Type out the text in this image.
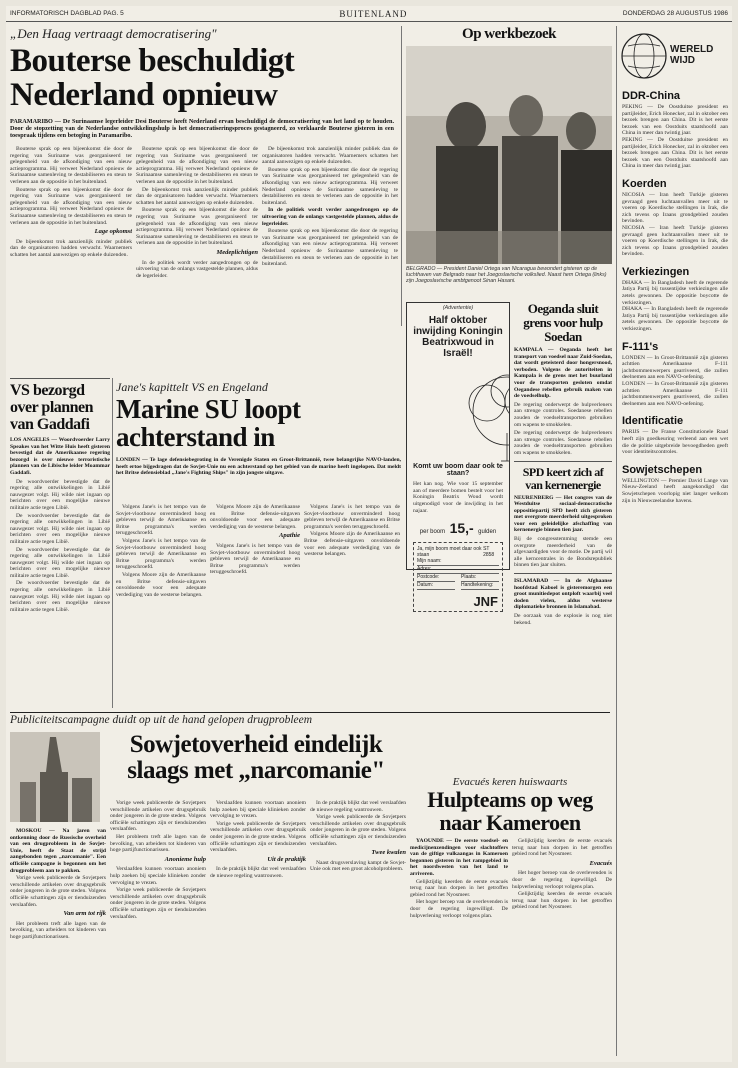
INFORMATORISCH DAGBLAD PAG. 5	BUITENLAND	DONDERDAG 28 AUGUSTUS 1986
„Den Haag vertraagt democratisering"
Bouterse beschuldigt Nederland opnieuw
PARAMARIBO — De Surinaamse legerleider Desi Bouterse heeft Nederland ervan beschuldigd de democratisering van het land op te houden. Door de stopzetting van de Nederlandse ontwikkelingshulp is het democratiseringsproces gestagneerd, zo verklaarde Bouterse gisteren in een toespraak tijdens een betoging in Paramaribo.

Bouterse sprak op een bijeenkomst die door de regering van Suriname was georganiseerd ter gelegenheid van de afkondiging van een nieuw actieprogramma. Hij verweet Nederland opnieuw de Surinaamse samenleving te destabiliseren en steun te verlenen aan de oppositie in het buitenland.

Bouterse sprak op een bijeenkomst die door de regering van Suriname was georganiseerd ter gelegenheid van de afkondiging van een nieuw actieprogramma. Hij verweet Nederland opnieuw de Surinaamse samenleving te destabiliseren en steun te verlenen aan de oppositie in het buitenland.

Lage opkomst

De bijeenkomst trok aanzienlijk minder publiek dan de organisatoren hadden verwacht. Waarnemers schatten het aantal aanwezigen op enkele duizenden.

Bouterse sprak op een bijeenkomst die door de regering van Suriname was georganiseerd ter gelegenheid van de afkondiging van een nieuw actieprogramma. Hij verweet Nederland opnieuw de Surinaamse samenleving te destabiliseren en steun te verlenen aan de oppositie in het buitenland.

De bijeenkomst trok aanzienlijk minder publiek dan de organisatoren hadden verwacht. Waarnemers schatten het aantal aanwezigen op enkele duizenden.

Bouterse sprak op een bijeenkomst die door de regering van Suriname was georganiseerd ter gelegenheid van de afkondiging van een nieuw actieprogramma. Hij verweet Nederland opnieuw de Surinaamse samenleving te destabiliseren en steun te verlenen aan de oppositie in het buitenland.

Medeplichtigen

In de politiek wordt verder aangedrongen op de uitvoering van de onlangs vastgestelde plannen, aldus de legerleider.

De bijeenkomst trok aanzienlijk minder publiek dan de organisatoren hadden verwacht. Waarnemers schatten het aantal aanwezigen op enkele duizenden.

Bouterse sprak op een bijeenkomst die door de regering van Suriname was georganiseerd ter gelegenheid van de afkondiging van een nieuw actieprogramma. Hij verweet Nederland opnieuw de Surinaamse samenleving te destabiliseren en steun te verlenen aan de oppositie in het buitenland.

In de politiek wordt verder aangedrongen op de uitvoering van de onlangs vastgestelde plannen, aldus de legerleider.

Bouterse sprak op een bijeenkomst die door de regering van Suriname was georganiseerd ter gelegenheid van de afkondiging van een nieuw actieprogramma. Hij verweet Nederland opnieuw de Surinaamse samenleving te destabiliseren en steun te verlenen aan de oppositie in het buitenland.

Op werkbezoek
BELGRADO — President Daniel Ortega van Nicaragua bewondert gisteren op de luchthaven van Belgrado naar het Joegoslavische volkslied. Naast hem Ortega (links) zijn Joegoslavische ambtgenoot Sinan Hasani.
(Advertentie)
Half oktober inwijding Koningin Beatrixwoud in Israël!
Komt uw boom daar ook te staan?
Het kan nog. Wie voor 15 september aan of meerdere bomen bestelt voor het Koningin Beatrix Woud wordt uitgenodigd voor de inwijding in het najaar.
per boom 15,- gulden
Ja, mijn boom moet daar ook staan
ST 2858
Mijn naam:
Adres:
Postcode:	Plaats:
Datum:	Handtekening:
JNF
VS bezorgd over plannen van Gaddafi
LOS ANGELES — Woordvoerder Larry Speakes van het Witte Huis heeft gisteren bevestigd dat de Amerikaanse regering bezorgd is over nieuwe terroristische plannen van de Libische leider Moammar Gaddafi.

De woordvoerder bevestigde dat de regering alle ontwikkelingen in Libië nauwgezet volgt. Hij wilde niet ingaan op berichten over een mogelijke nieuwe militaire actie tegen Libië.

De woordvoerder bevestigde dat de regering alle ontwikkelingen in Libië nauwgezet volgt. Hij wilde niet ingaan op berichten over een mogelijke nieuwe militaire actie tegen Libië.

De woordvoerder bevestigde dat de regering alle ontwikkelingen in Libië nauwgezet volgt. Hij wilde niet ingaan op berichten over een mogelijke nieuwe militaire actie tegen Libië.

De woordvoerder bevestigde dat de regering alle ontwikkelingen in Libië nauwgezet volgt. Hij wilde niet ingaan op berichten over een mogelijke nieuwe militaire actie tegen Libië.

Jane's kapittelt VS en Engeland
Marine SU loopt achterstand in
LONDEN — Te lage defensiebegroting in de Verenigde Staten en Groot-Brittannië, twee belangrijke NAVO-landen, heeft ertoe bijgedragen dat de Sovjet-Unie nu een achterstand op het gebied van de marine heeft ingelopen. Dat meldt het Britse defensieblad „Jane's Fighting Ships" in zijn jongste uitgave.

Volgens Jane's is het tempo van de Sovjet-vlootbouw onverminderd hoog gebleven terwijl de Amerikaanse en Britse programma's werden teruggeschroefd.

Volgens Jane's is het tempo van de Sovjet-vlootbouw onverminderd hoog gebleven terwijl de Amerikaanse en Britse programma's werden teruggeschroefd.

Volgens Moore zijn de Amerikaanse en Britse defensie-uitgaven onvoldoende voor een adequate verdediging van de westerse belangen.

Volgens Moore zijn de Amerikaanse en Britse defensie-uitgaven onvoldoende voor een adequate verdediging van de westerse belangen.

Apathie

Volgens Jane's is het tempo van de Sovjet-vlootbouw onverminderd hoog gebleven terwijl de Amerikaanse en Britse programma's werden teruggeschroefd.

Volgens Jane's is het tempo van de Sovjet-vlootbouw onverminderd hoog gebleven terwijl de Amerikaanse en Britse programma's werden teruggeschroefd.

Volgens Moore zijn de Amerikaanse en Britse defensie-uitgaven onvoldoende voor een adequate verdediging van de westerse belangen.

Publiciteitscampagne duidt op uit de hand gelopen drugprobleem
Sowjetoverheid eindelijk slaags met „narcomanie"

MOSKOU — Na jaren van ontkenning door de Russische overheid van een drugprobleem in de Sovjet-Unie, heeft de Staat de strijd aangebonden tegen „narcomanie". Een officiële campagne is begonnen om het drugprobleem aan te pakken.

Vorige week publiceerde de Sovjetpers verschillende artikelen over drugsgebruik onder jongeren in de grote steden. Volgens officiële schattingen zijn er tienduizenden verslaafden.

Van arm tot rijk

Het probleem treft alle lagen van de bevolking, van arbeiders tot kinderen van hoge partijfunctionarissen.

Vorige week publiceerde de Sovjetpers verschillende artikelen over drugsgebruik onder jongeren in de grote steden. Volgens officiële schattingen zijn er tienduizenden verslaafden.

Het probleem treft alle lagen van de bevolking, van arbeiders tot kinderen van hoge partijfunctionarissen.

Anonieme hulp

Verslaafden kunnen voortaan anoniem hulp zoeken bij speciale klinieken zonder vervolging te vrezen.

Vorige week publiceerde de Sovjetpers verschillende artikelen over drugsgebruik onder jongeren in de grote steden. Volgens officiële schattingen zijn er tienduizenden verslaafden.

Verslaafden kunnen voortaan anoniem hulp zoeken bij speciale klinieken zonder vervolging te vrezen.

Vorige week publiceerde de Sovjetpers verschillende artikelen over drugsgebruik onder jongeren in de grote steden. Volgens officiële schattingen zijn er tienduizenden verslaafden.

Uit de praktijk

In de praktijk blijkt dat veel verslaafden de nieuwe regeling wantrouwen.

In de praktijk blijkt dat veel verslaafden de nieuwe regeling wantrouwen.

Vorige week publiceerde de Sovjetpers verschillende artikelen over drugsgebruik onder jongeren in de grote steden. Volgens officiële schattingen zijn er tienduizenden verslaafden.

Twee kwalen

Naast drugsverslaving kampt de Sovjet-Unie ook met een groot alcoholprobleem.

Evacués keren huiswaarts
Hulpteams op weg naar Kameroen

YAOUNDÉ — De eerste voedsel- en medicijnenzendingen voor slachtoffers van de giftige vulkaangas in Kameroen begonnen gisteren in het rampgebied in het noordwesten van het land te arriveren.

Gelijktijdig keerden de eerste evacués terug naar hun dorpen in het getroffen gebied rond het Nyosmeer.

Het hoger beroep van de overlevenden is door de regering ingewilligd. De hulpverlening verloopt volgens plan.

Gelijktijdig keerden de eerste evacués terug naar hun dorpen in het getroffen gebied rond het Nyosmeer.

Evacués

Het hoger beroep van de overlevenden is door de regering ingewilligd. De hulpverlening verloopt volgens plan.

Gelijktijdig keerden de eerste evacués terug naar hun dorpen in het getroffen gebied rond het Nyosmeer.

WERELD WIJD
DDR-China
PEKING — De Oostduitse president en partijleider, Erich Honecker, zal in oktober een bezoek brengen aan China. Dit is het eerste bezoek van een Oostduits staatshoofd aan China in meer dan twintig jaar.
PEKING — De Oostduitse president en partijleider, Erich Honecker, zal in oktober een bezoek brengen aan China. Dit is het eerste bezoek van een Oostduits staatshoofd aan China in meer dan twintig jaar.
Koerden
NICOSIA — Iran heeft Turkije gisteren gevraagd geen luchtaanvallen meer uit te voeren op Koerdische stellingen in Irak, die zich tevens op Iraans grondgebied zouden bevinden.
NICOSIA — Iran heeft Turkije gisteren gevraagd geen luchtaanvallen meer uit te voeren op Koerdische stellingen in Irak, die zich tevens op Iraans grondgebied zouden bevinden.
Verkiezingen
DHAKA — In Bangladesh heeft de regerende Jatiya Partij bij tussentijdse verkiezingen alle zetels gewonnen. De oppositie boycotte de verkiezingen.
DHAKA — In Bangladesh heeft de regerende Jatiya Partij bij tussentijdse verkiezingen alle zetels gewonnen. De oppositie boycotte de verkiezingen.
F-111's
LONDEN — In Groot-Brittannië zijn gisteren achttien Amerikaanse F-111 jachtbommenwerpers gearriveerd, die zullen deelnemen aan een NAVO-oefening.
LONDEN — In Groot-Brittannië zijn gisteren achttien Amerikaanse F-111 jachtbommenwerpers gearriveerd, die zullen deelnemen aan een NAVO-oefening.
Identificatie
PARIJS — De Franse Constitutionele Raad heeft zijn goedkeuring verleend aan een wet die de politie uitgebreide bevoegdheden geeft voor identiteitscontroles.
Sowjetschepen
WELLINGTON — Premier David Lange van Nieuw-Zeeland heeft aangekondigd dat Sowjetschepen voorlopig niet langer welkom zijn in Nieuwzeelandse havens.
Oeganda sluit grens voor hulp Soedan
KAMPALA — Oeganda heeft het transport van voedsel naar Zuid-Soedan, dat wordt geteisterd door hongersnood, verboden. Volgens de autoriteiten in Kampala is de grens met het buurland voor de transporten gesloten omdat Oegandese rebellen gebruik maken van de voedselhulp.
De regering onderwerpt de hulpverleners aan strenge controles. Soedanese rebellen zouden de voedseltransporten gebruiken om wapens te smokkelen.
De regering onderwerpt de hulpverleners aan strenge controles. Soedanese rebellen zouden de voedseltransporten gebruiken om wapens te smokkelen.
SPD keert zich af van kernenergie
NEURENBERG — Het congres van de Westduitse sociaal-democratische oppositiepartij SPD heeft zich gisteren met overgrote meerderheid uitgesproken voor een geleidelijke afschaffing van kernenergie binnen tien jaar.
Bij de congresstemming stemde een overgrote meerderheid van de afgevaardigden voor de motie. De partij wil alle kerncentrales in de Bondsrepubliek binnen tien jaar sluiten.
ISLAMABAD — In de Afghaanse hoofdstad Kaboel is gisteremorgen een groot munitiedepot ontploft waarbij veel doden vielen, aldus westerse diplomatieke bronnen in Islamabad.
De oorzaak van de explosie is nog niet bekend.
